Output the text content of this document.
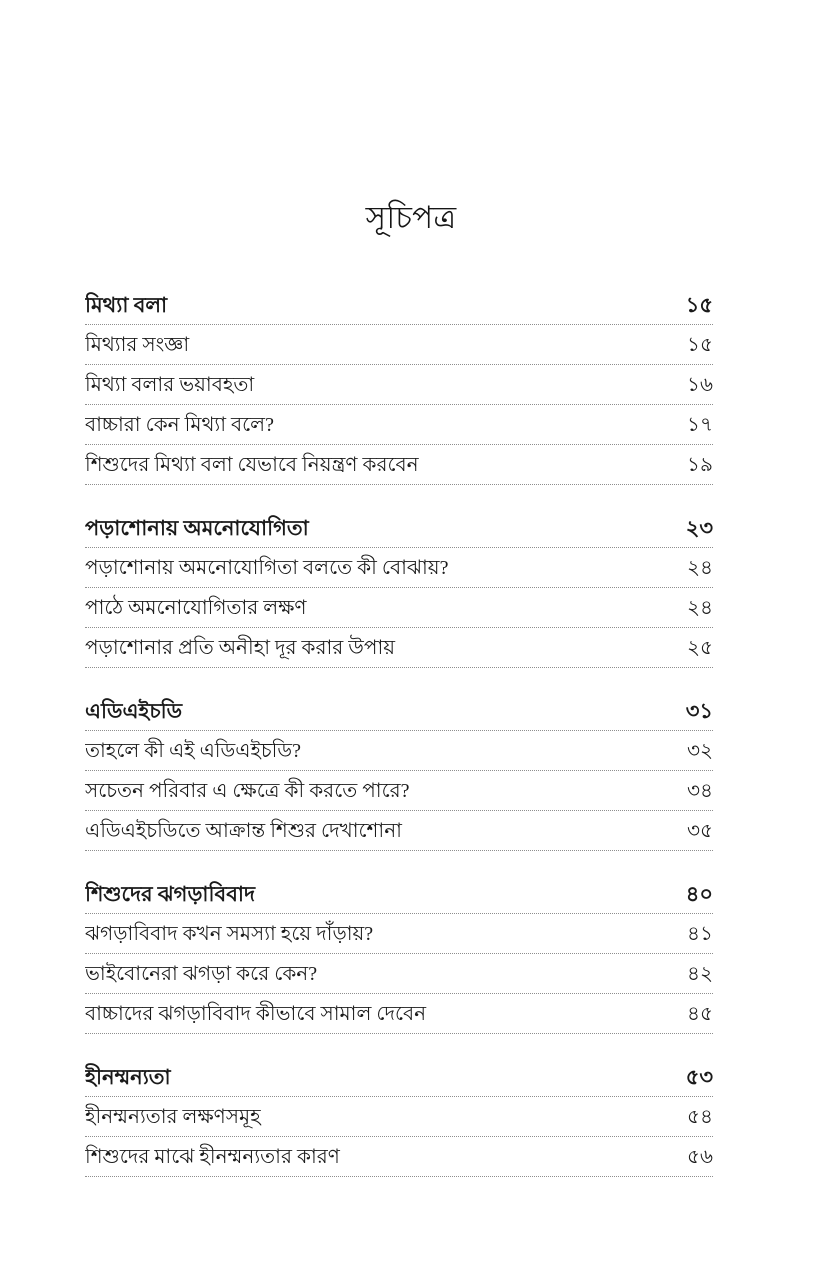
সূচিপত্র
মিথ্যা বলা	১৫
মিথ্যার সংজ্ঞা	১৫
মিথ্যা বলার ভয়াবহতা	১৬
বাচ্চারা কেন মিথ্যা বলে?	১৭
শিশুদের মিথ্যা বলা যেভাবে নিয়ন্ত্রণ করবেন	১৯
পড়াশোনায় অমনোযোগিতা	২৩
পড়াশোনায় অমনোযোগিতা বলতে কী বোঝায়?	২৪
পাঠে অমনোযোগিতার লক্ষণ	২৪
পড়াশোনার প্রতি অনীহা দূর করার উপায়	২৫
এডিএইচডি	৩১
তাহলে কী এই এডিএইচডি?	৩২
সচেতন পরিবার এ ক্ষেত্রে কী করতে পারে?	৩৪
এডিএইচডিতে আক্রান্ত শিশুর দেখাশোনা	৩৫
শিশুদের ঝগড়াবিবাদ	৪০
ঝগড়াবিবাদ কখন সমস্যা হয়ে দাঁড়ায়?	৪১
ভাইবোনেরা ঝগড়া করে কেন?	৪২
বাচ্চাদের ঝগড়াবিবাদ কীভাবে সামাল দেবেন	৪৫
হীনম্মন্যতা	৫৩
হীনম্মন্যতার লক্ষণসমূহ	৫৪
শিশুদের মাঝে হীনম্মন্যতার কারণ	৫৬
